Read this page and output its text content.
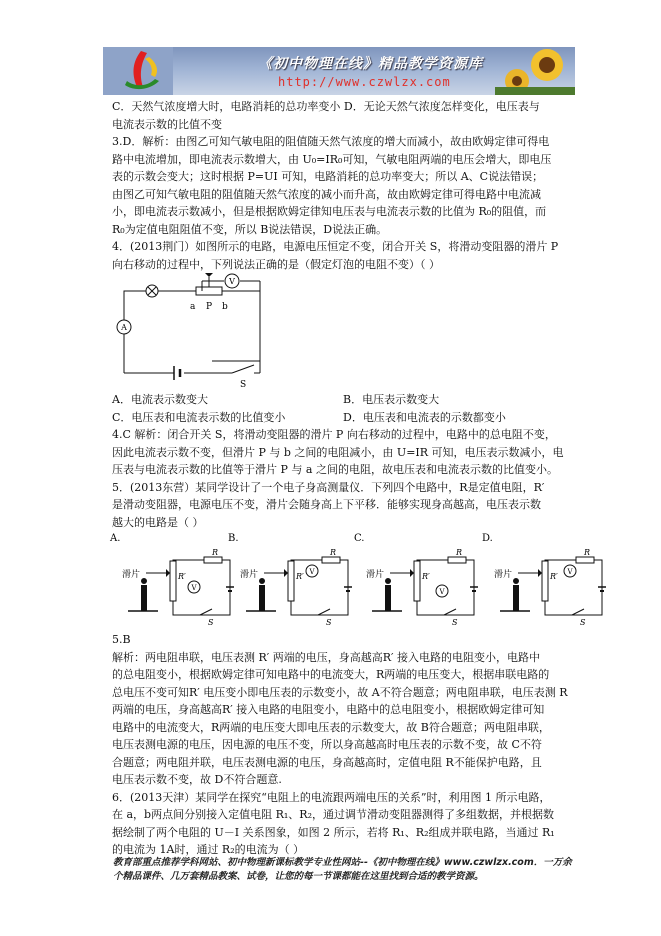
《初中物理在线》精品教学资源库
http://www.czwlzx.com

C．天然气浓度增大时，电路消耗的总功率变小 D．无论天然气浓度怎样变化，电压表与

电流表示数的比值不变

3.D．解析：由图乙可知气敏电阻的阻值随天然气浓度的增大而减小，故由欧姆定律可得电

路中电流增加，即电流表示数增大，由 U₀=IR₀可知，气敏电阻两端的电压会增大，即电压

表的示数会变大；这时根据 P=UI 可知，电路消耗的总功率变大；所以 A、C说法错误；

由图乙可知气敏电阻的阻值随天然气浓度的减小而升高，故由欧姆定律可得电路中电流减

小，即电流表示数减小，但是根据欧姆定律知电压表与电流表示数的比值为 R₀的阻值，而

R₀为定值电阻阻值不变，所以 B说法错误，D说法正确。

4．(2013荆门）如图所示的电路，电源电压恒定不变，闭合开关 S，将滑动变阻器的滑片 P

向右移动的过程中，下列说法正确的是（假定灯泡的电阻不变）（ ）

A
V
a P b
S
A．电流表示数变大	B．电压表示数变大
C．电压表和电流表示数的比值变小	D．电压表和电流表的示数都变小

4.C 解析：闭合开关 S，将滑动变阻器的滑片 P 向右移动的过程中，电路中的总电阻不变，

因此电流表示数不变，但滑片 P 与 b 之间的电阻减小，由 U=IR 可知，电压表示数减小，电

压表与电流表示数的比值等于滑片 P 与 a 之间的电阻，故电压表和电流表示数的比值变小。

5．(2013东营）某同学设计了一个电子身高测量仪．下列四个电路中，R是定值电阻，R′

是滑动变阻器，电源电压不变，滑片会随身高上下平移．能够实现身高越高，电压表示数

越大的电路是（ ）

A.
滑片	R′
R
S
V
B.
滑片	R′
R
S
V
C.
滑片	R′
R
S
V
D.
滑片	R′
R
S
V

5.B

解析：两电阻串联，电压表测 R′ 两端的电压，身高越高R′ 接入电路的电阻变小，电路中

的总电阻变小，根据欧姆定律可知电路中的电流变大，R两端的电压变大，根据串联电路的

总电压不变可知R′ 电压变小即电压表的示数变小，故 A不符合题意；两电阻串联，电压表测 R

两端的电压，身高越高R′ 接入电路的电阻变小，电路中的总电阻变小，根据欧姆定律可知

电路中的电流变大，R两端的电压变大即电压表的示数变大，故 B符合题意；两电阻串联，

电压表测电源的电压，因电源的电压不变，所以身高越高时电压表的示数不变，故 C不符

合题意；两电阻并联，电压表测电源的电压，身高越高时，定值电阻 R不能保护电路，且

电压表示数不变，故 D不符合题意.

6．(2013天津）某同学在探究“电阻上的电流跟两端电压的关系”时，利用图 1 所示电路，

在 a，b两点间分别接入定值电阻 R₁、R₂，通过调节滑动变阻器测得了多组数据，并根据数

据绘制了两个电阻的 U－I 关系图象，如图 2 所示，若将 R₁、R₂组成并联电路，当通过 R₁

的电流为 1A时，通过 R₂的电流为（ ）

教育部重点推荐学科网站、初中物理新课标教学专业性网站--《初中物理在线》www.czwlzx.com．一万余个精品课件、几万套精品教案、试卷，让您的每一节课都能在这里找到合适的教学资源。
